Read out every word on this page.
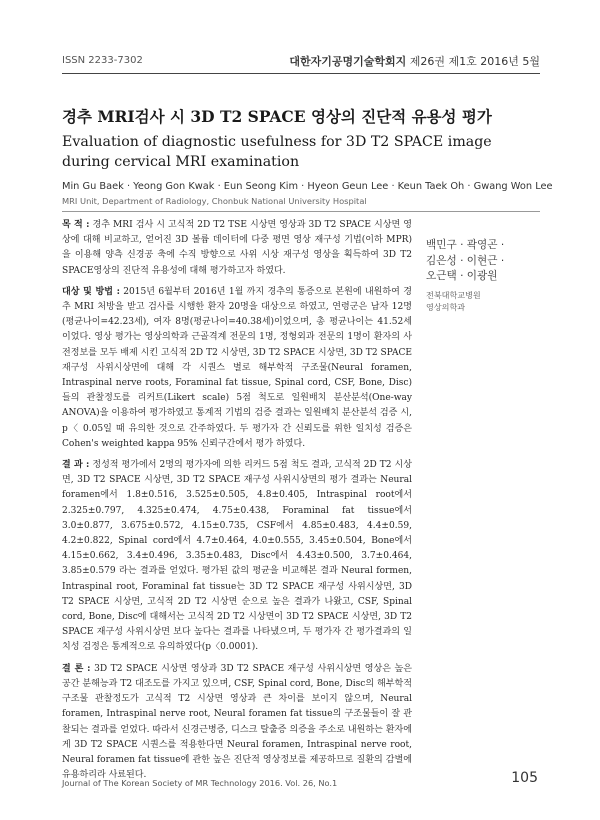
ISSN 2233-7302	대한자기공명기술학회지 제26권 제1호 2016년 5월
경추 MRI검사 시 3D T2 SPACE 영상의 진단적 유용성 평가
Evaluation of diagnostic usefulness for 3D T2 SPACE image during cervical MRI examination
Min Gu Baek · Yeong Gon Kwak · Eun Seong Kim · Hyeon Geun Lee · Keun Taek Oh · Gwang Won Lee
MRI Unit, Department of Radiology, Chonbuk National University Hospital

목 적 : 경추 MRI 검사 시 고식적 2D T2 TSE 시상면 영상과 3D T2 SPACE 시상면 영상에 대해 비교하고, 얻어진 3D 볼륨 데이터에 다중 평면 영상 재구성 기법(이하 MPR)을 이용해 양측 신경공 축에 수직 방향으로 사위 시상 재구성 영상을 획득하여 3D T2 SPACE영상의 진단적 유용성에 대해 평가하고자 하였다.

대상 및 방법 : 2015년 6월부터 2016년 1월 까지 경추의 통증으로 본원에 내원하여 경추 MRI 처방을 받고 검사를 시행한 환자 20명을 대상으로 하였고, 연령군은 남자 12명(평균나이=42.23세), 여자 8명(평균나이=40.38세)이었으며, 총 평균나이는 41.52세 이었다. 영상 평가는 영상의학과 근골격계 전문의 1명, 정형외과 전문의 1명이 환자의 사전정보를 모두 배제 시킨 고식적 2D T2 시상면, 3D T2 SPACE 시상면, 3D T2 SPACE 재구성 사위시상면에 대해 각 시퀀스 별로 해부학적 구조물(Neural foramen, Intraspinal nerve roots, Foraminal fat tissue, Spinal cord, CSF, Bone, Disc)들의 관찰정도를 리커트(Likert scale) 5점 척도로 일원배치 분산분석(One-way ANOVA)을 이용하여 평가하였고 통계적 기법의 검증 결과는 일원배치 분산분석 검증 시, p〈 0.05일 때 유의한 것으로 간주하였다. 두 평가자 간 신뢰도를 위한 일치성 검증은 Cohen's weighted kappa 95% 신뢰구간에서 평가 하였다.

결 과 : 정성적 평가에서 2명의 평가자에 의한 리커드 5점 척도 결과, 고식적 2D T2 시상면, 3D T2 SPACE 시상면, 3D T2 SPACE 재구성 사위시상면의 평가 결과는 Neural foramen에서 1.8±0.516, 3.525±0.505, 4.8±0.405, Intraspinal root에서 2.325±0.797, 4.325±0.474, 4.75±0.438, Foraminal fat tissue에서 3.0±0.877, 3.675±0.572, 4.15±0.735, CSF에서 4.85±0.483, 4.4±0.59, 4.2±0.822, Spinal cord에서 4.7±0.464, 4.0±0.555, 3.45±0.504, Bone에서 4.15±0.662, 3.4±0.496, 3.35±0.483, Disc에서 4.43±0.500, 3.7±0.464, 3.85±0.579 라는 결과를 얻었다. 평가된 값의 평균을 비교해본 결과 Neural formen, Intraspinal root, Foraminal fat tissue는 3D T2 SPACE 재구성 사위시상면, 3D T2 SPACE 시상면, 고식적 2D T2 시상면 순으로 높은 결과가 나왔고, CSF, Spinal cord, Bone, Disc에 대해서는 고식적 2D T2 시상면이 3D T2 SPACE 시상면, 3D T2 SPACE 재구성 사위시상면 보다 높다는 결과를 나타냈으며, 두 평가자 간 평가결과의 일치성 검정은 통계적으로 유의하였다(p〈0.0001).

결 론 : 3D T2 SPACE 시상면 영상과 3D T2 SPACE 재구성 사위시상면 영상은 높은 공간 분해능과 T2 대조도를 가지고 있으며, CSF, Spinal cord, Bone, Disc의 해부학적 구조물 관찰정도가 고식적 T2 시상면 영상과 큰 차이를 보이지 않으며, Neural foramen, Intraspinal nerve root, Neural foramen fat tissue의 구조물들이 잘 관찰되는 결과를 얻었다. 따라서 신경근병증, 디스크 탈출증 의증을 주소로 내원하는 환자에게 3D T2 SPACE 시퀀스를 적용한다면 Neural foramen, Intraspinal nerve root, Neural foramen fat tissue에 관한 높은 진단적 영상정보를 제공하므로 질환의 감별에 유용하리라 사료된다.

백민구 · 곽영곤 ·
김은성 · 이현근 ·
오근택 · 이광원
전북대학교병원
영상의학과
Journal of The Korean Society of MR Technology 2016. Vol. 26, No.1	105
